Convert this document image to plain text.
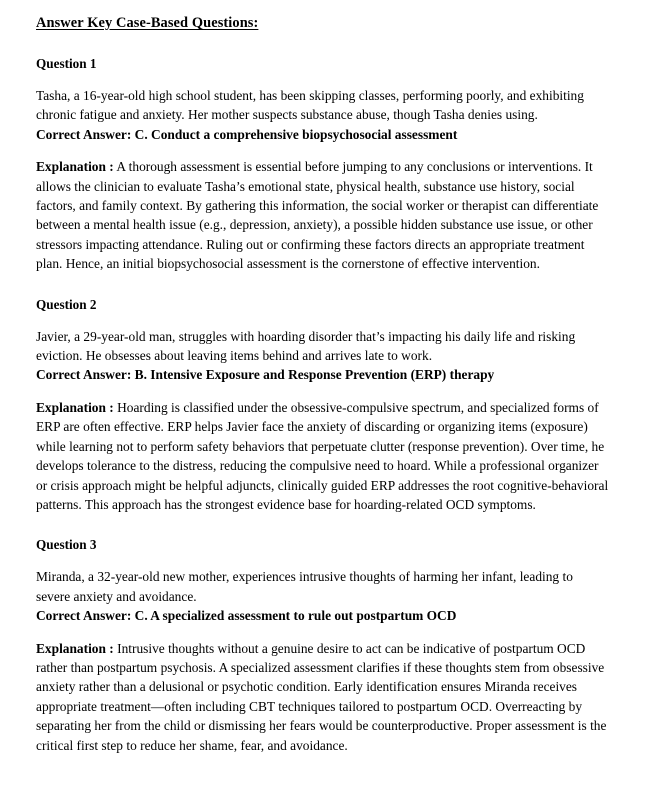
Answer Key Case-Based Questions:
Question 1

Tasha, a 16-year-old high school student, has been skipping classes, performing poorly, and exhibiting chronic fatigue and anxiety. Her mother suspects substance abuse, though Tasha denies using.

Correct Answer: C. Conduct a comprehensive biopsychosocial assessment

Explanation : A thorough assessment is essential before jumping to any conclusions or interventions. It allows the clinician to evaluate Tasha’s emotional state, physical health, substance use history, social factors, and family context. By gathering this information, the social worker or therapist can differentiate between a mental health issue (e.g., depression, anxiety), a possible hidden substance use issue, or other stressors impacting attendance. Ruling out or confirming these factors directs an appropriate treatment plan. Hence, an initial biopsychosocial assessment is the cornerstone of effective intervention.

Question 2

Javier, a 29-year-old man, struggles with hoarding disorder that’s impacting his daily life and risking eviction. He obsesses about leaving items behind and arrives late to work.

Correct Answer: B. Intensive Exposure and Response Prevention (ERP) therapy

Explanation : Hoarding is classified under the obsessive-compulsive spectrum, and specialized forms of ERP are often effective. ERP helps Javier face the anxiety of discarding or organizing items (exposure) while learning not to perform safety behaviors that perpetuate clutter (response prevention). Over time, he develops tolerance to the distress, reducing the compulsive need to hoard. While a professional organizer or crisis approach might be helpful adjuncts, clinically guided ERP addresses the root cognitive-behavioral patterns. This approach has the strongest evidence base for hoarding-related OCD symptoms.

Question 3

Miranda, a 32-year-old new mother, experiences intrusive thoughts of harming her infant, leading to severe anxiety and avoidance.

Correct Answer: C. A specialized assessment to rule out postpartum OCD

Explanation : Intrusive thoughts without a genuine desire to act can be indicative of postpartum OCD rather than postpartum psychosis. A specialized assessment clarifies if these thoughts stem from obsessive anxiety rather than a delusional or psychotic condition. Early identification ensures Miranda receives appropriate treatment—often including CBT techniques tailored to postpartum OCD. Overreacting by separating her from the child or dismissing her fears would be counterproductive. Proper assessment is the critical first step to reduce her shame, fear, and avoidance.
